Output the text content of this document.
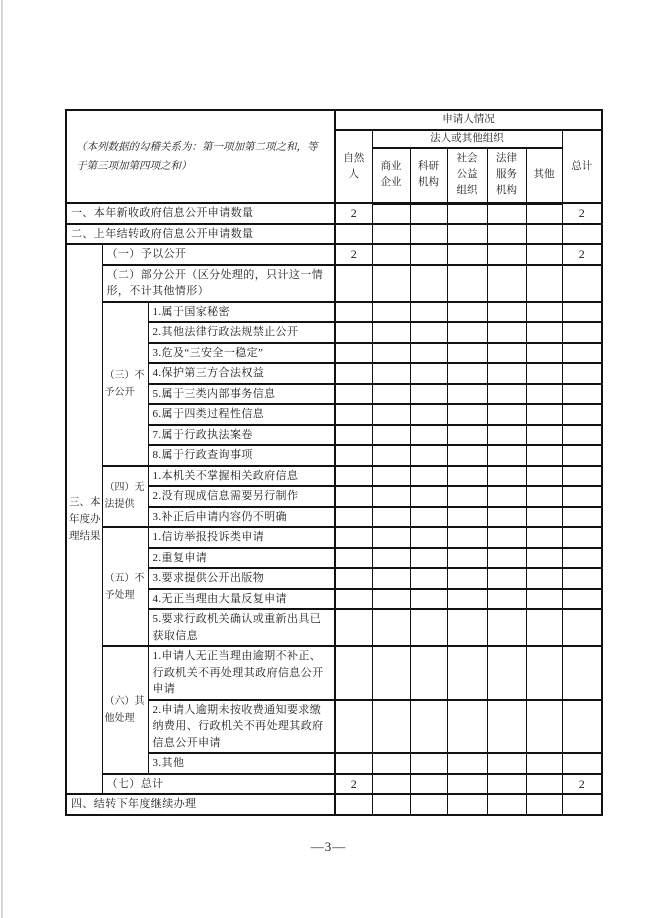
（本列数据的勾稽关系为：第一项加第二项之和，等于第三项加第四项之和）			申请人情况						
			自然人	法人或其他组织					总计
				商业企业	科研机构	社会公益组织	法律服务机构	其他	
一、本年新收政府信息公开申请数量			2						2
二、上年结转政府信息公开申请数量									
三、本年度办理结果	（一）予以公开		2						2
	（二）部分公开（区分处理的，只计这一情形，不计其他情形）								
	（三）不予公开	1.属于国家秘密							
		2.其他法律行政法规禁止公开							
		3.危及“三安全一稳定”							
		4.保护第三方合法权益							
		5.属于三类内部事务信息							
		6.属于四类过程性信息							
		7.属于行政执法案卷							
		8.属于行政查询事项							
	（四）无法提供	1.本机关不掌握相关政府信息							
		2.没有现成信息需要另行制作							
		3.补正后申请内容仍不明确							
	（五）不予处理	1.信访举报投诉类申请							
		2.重复申请							
		3.要求提供公开出版物							
		4.无正当理由大量反复申请							
		5.要求行政机关确认或重新出具已获取信息							
	（六）其他处理	1.申请人无正当理由逾期不补正、行政机关不再处理其政府信息公开申请							
		2.申请人逾期未按收费通知要求缴纳费用、行政机关不再处理其政府信息公开申请							
		3.其他							
	（七）总计		2						2
四、结转下年度继续办理									
—3—
